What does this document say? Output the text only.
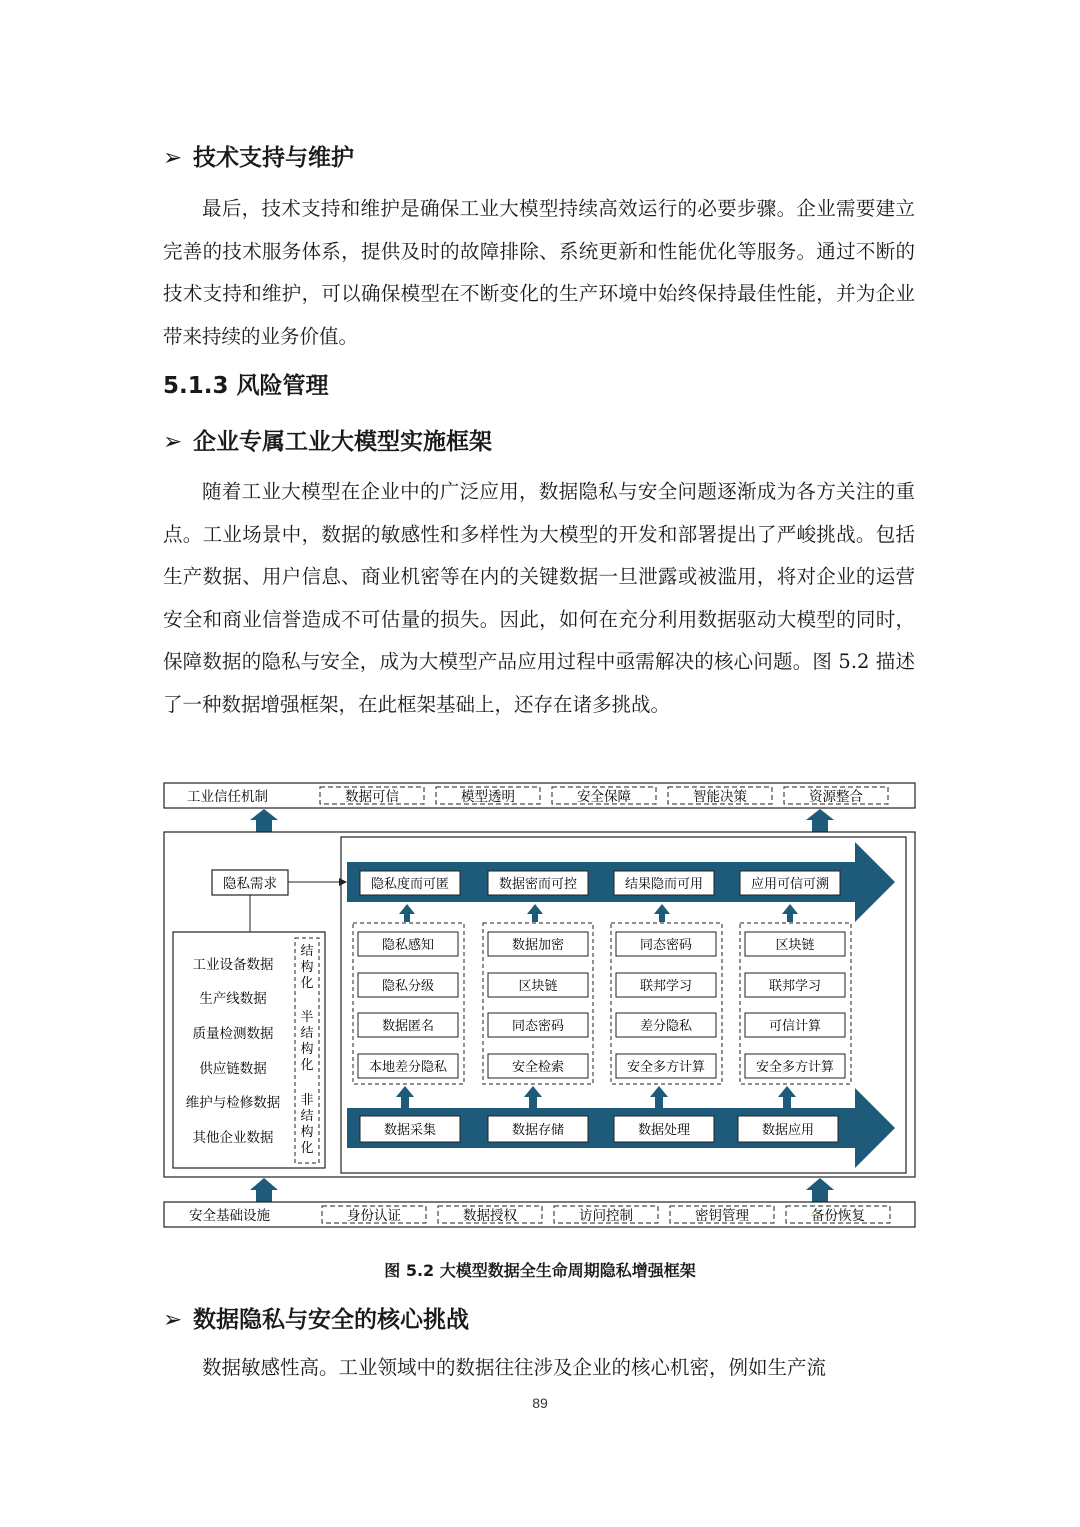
➢ 技术支持与维护

最后，技术支持和维护是确保工业大模型持续高效运行的必要步骤。企业需要建立完善的技术服务体系，提供及时的故障排除、系统更新和性能优化等服务。通过不断的技术支持和维护，可以确保模型在不断变化的生产环境中始终保持最佳性能，并为企业带来持续的业务价值。

5.1.3 风险管理
➢ 企业专属工业大模型实施框架

随着工业大模型在企业中的广泛应用，数据隐私与安全问题逐渐成为各方关注的重点。工业场景中，数据的敏感性和多样性为大模型的开发和部署提出了严峻挑战。包括生产数据、用户信息、商业机密等在内的关键数据一旦泄露或被滥用，将对企业的运营安全和商业信誉造成不可估量的损失。因此，如何在充分利用数据驱动大模型的同时，保障数据的隐私与安全，成为大模型产品应用过程中亟需解决的核心问题。图 5.2 描述了一种数据增强框架，在此框架基础上，还存在诸多挑战。

工业信任机制	数据可信	模型透明	安全保障	智能决策	资源整合
隐私需求
工业设备数据
生产线数据
质量检测数据
供应链数据
维护与检修数据
其他企业数据
结构化
半结构化
非结构化
隐私度而可匿	数据密而可控	结果隐而可用	应用可信可溯
隐私感知
隐私分级
数据匿名
本地差分隐私
数据加密
区块链
同态密码
安全检索
同态密码
联邦学习
差分隐私
安全多方计算
区块链
联邦学习
可信计算
安全多方计算
数据采集	数据存储	数据处理	数据应用
安全基础设施	身份认证	数据授权	访问控制	密钥管理	备份恢复
图 5.2 大模型数据全生命周期隐私增强框架
➢ 数据隐私与安全的核心挑战

数据敏感性高。工业领域中的数据往往涉及企业的核心机密，例如生产流

89
